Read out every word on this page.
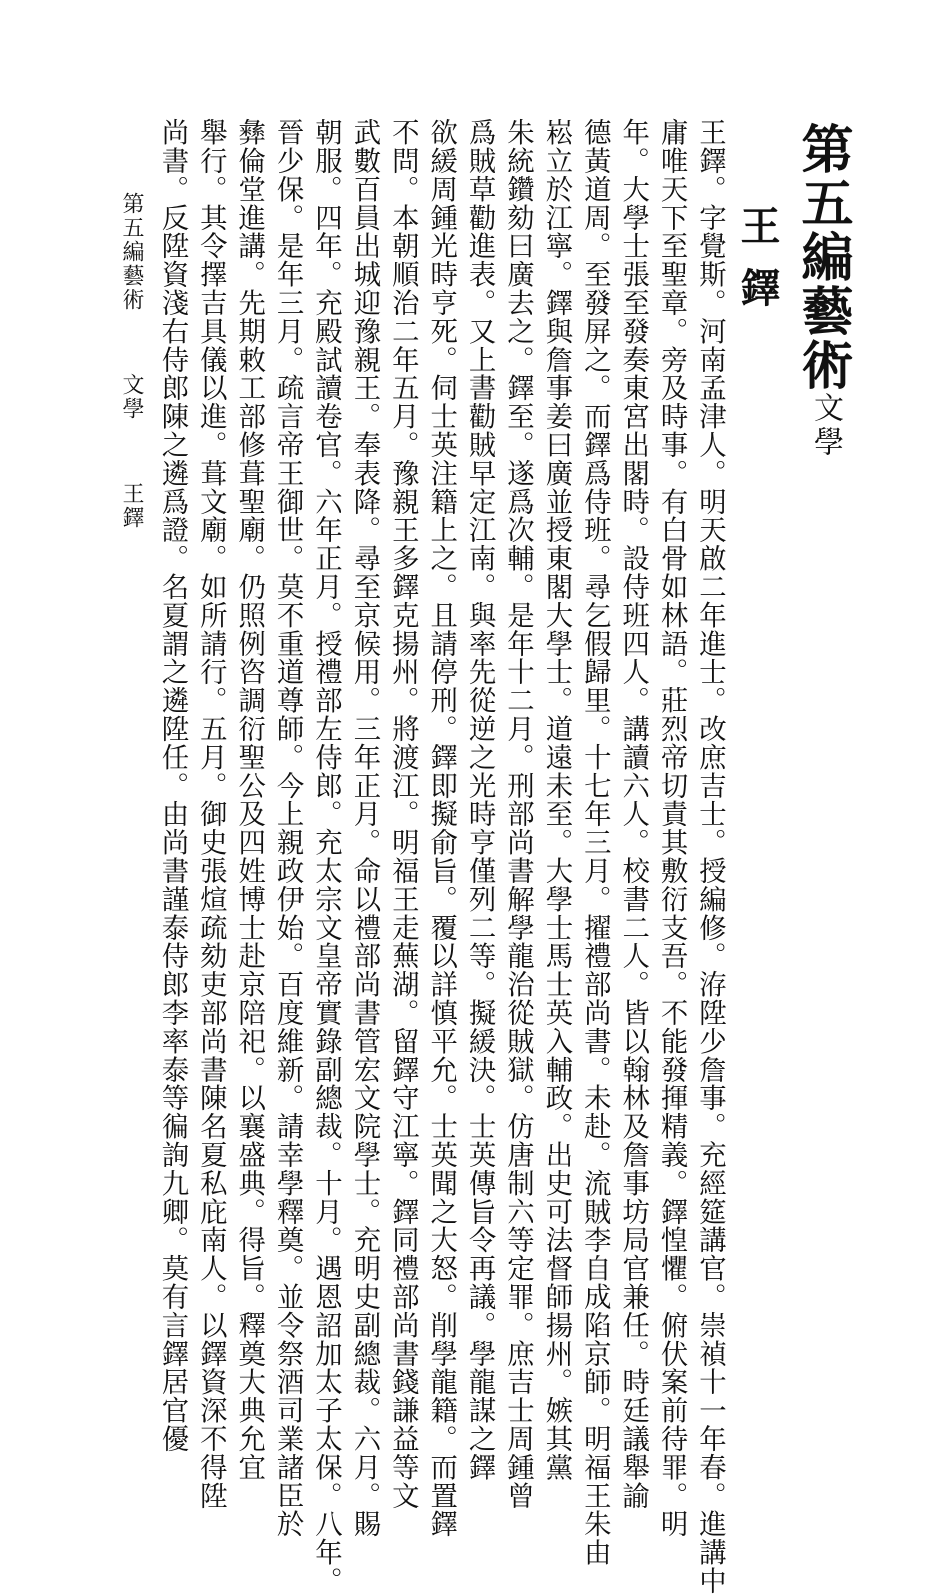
第五編藝術
文學
王鐸
王鐸。字覺斯。河南孟津人。明天啟二年進士。改庶吉士。授編修。洊陞少詹事。充經筵講官。崇禎十一年春。進講中
庸唯天下至聖章。旁及時事。有白骨如林語。莊烈帝切責其敷衍支吾。不能發揮精義。鐸惶懼。俯伏案前待罪。明
年。大學士張至發奏東宮出閣時。設侍班四人。講讀六人。校書二人。皆以翰林及詹事坊局官兼任。時廷議舉諭
德黃道周。至發屏之。而鐸爲侍班。尋乞假歸里。十七年三月。擢禮部尚書。未赴。流賊李自成陷京師。明福王朱由
崧立於江寧。鐸與詹事姜曰廣並授東閣大學士。道遠未至。大學士馬士英入輔政。出史可法督師揚州。嫉其黨
朱統鑽劾曰廣去之。鐸至。遂爲次輔。是年十二月。刑部尚書解學龍治從賊獄。仿唐制六等定罪。庶吉士周鍾曾
爲賊草勸進表。又上書勸賊早定江南。與率先從逆之光時亨僅列二等。擬緩決。士英傳旨令再議。學龍謀之鐸
欲緩周鍾光時亨死。伺士英注籍上之。且請停刑。鐸即擬俞旨。覆以詳慎平允。士英聞之大怒。削學龍籍。而置鐸
不問。本朝順治二年五月。豫親王多鐸克揚州。將渡江。明福王走蕪湖。留鐸守江寧。鐸同禮部尚書錢謙益等文
武數百員出城迎豫親王。奉表降。尋至京候用。三年正月。命以禮部尚書管宏文院學士。充明史副總裁。六月。賜
朝服。四年。充殿試讀卷官。六年正月。授禮部左侍郎。充太宗文皇帝實錄副總裁。十月。遇恩詔加太子太保。八年。
晉少保。是年三月。疏言帝王御世。莫不重道尊師。今上親政伊始。百度維新。請幸學釋奠。並令祭酒司業諸臣於
彝倫堂進講。先期敕工部修葺聖廟。仍照例咨調衍聖公及四姓博士赴京陪祀。以襄盛典。得旨。釋奠大典允宜
舉行。其令擇吉具儀以進。葺文廟。如所請行。五月。御史張煊疏劾吏部尚書陳名夏私庇南人。以鐸資深不得陞
尚書。反陞資淺右侍郎陳之遴爲證。名夏謂之遴陞任。由尚書謹泰侍郎李率泰等徧詢九卿。莫有言鐸居官優
第五編藝術 文學 王鐸
